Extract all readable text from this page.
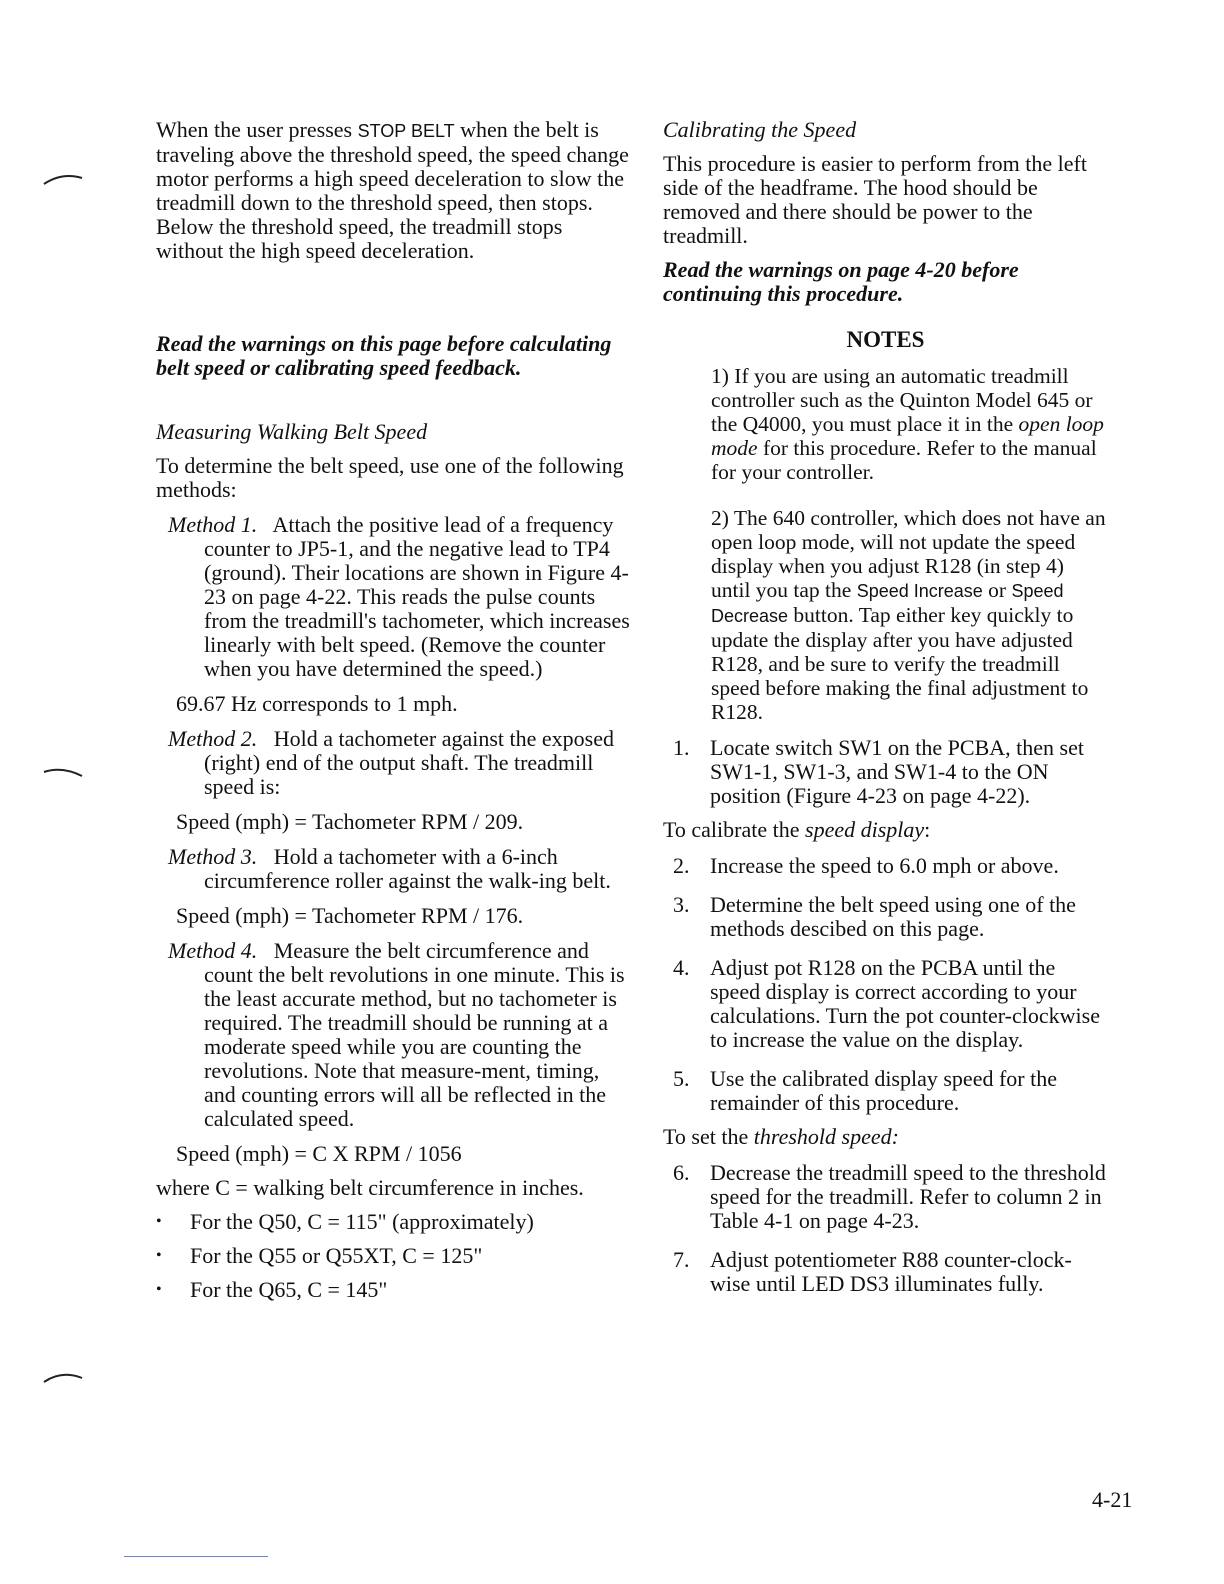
When the user presses STOP BELT when the belt is traveling above the threshold speed, the speed change motor performs a high speed deceleration to slow the treadmill down to the threshold speed, then stops. Below the threshold speed, the treadmill stops without the high speed deceleration.

Read the warnings on this page before calculating belt speed or calibrating speed feedback.

Measuring Walking Belt Speed

To determine the belt speed, use one of the following methods:

Method 1. Attach the positive lead of a frequency counter to JP5-1, and the negative lead to TP4 (ground). Their locations are shown in Figure 4-23 on page 4-22. This reads the pulse counts from the treadmill's tachometer, which increases linearly with belt speed. (Remove the counter when you have determined the speed.)

69.67 Hz corresponds to 1 mph.

Method 2. Hold a tachometer against the exposed (right) end of the output shaft. The treadmill speed is:

Speed (mph) = Tachometer RPM / 209.

Method 3. Hold a tachometer with a 6-inch circumference roller against the walk-ing belt.

Speed (mph) = Tachometer RPM / 176.

Method 4. Measure the belt circumference and count the belt revolutions in one minute. This is the least accurate method, but no tachometer is required. The treadmill should be running at a moderate speed while you are counting the revolutions. Note that measure-ment, timing, and counting errors will all be reflected in the calculated speed.

Speed (mph) = C X RPM / 1056

where C = walking belt circumference in inches.

• For the Q50, C = 115" (approximately)

• For the Q55 or Q55XT, C = 125"

• For the Q65, C = 145"

Calibrating the Speed

This procedure is easier to perform from the left side of the headframe. The hood should be removed and there should be power to the treadmill.

Read the warnings on page 4-20 before continuing this procedure.

NOTES

1) If you are using an automatic treadmill controller such as the Quinton Model 645 or the Q4000, you must place it in the open loop mode for this procedure. Refer to the manual for your controller.

2) The 640 controller, which does not have an open loop mode, will not update the speed display when you adjust R128 (in step 4) until you tap the Speed Increase or Speed Decrease button. Tap either key quickly to update the display after you have adjusted R128, and be sure to verify the treadmill speed before making the final adjustment to R128.

1. Locate switch SW1 on the PCBA, then set SW1-1, SW1-3, and SW1-4 to the ON position (Figure 4-23 on page 4-22).

To calibrate the speed display:

2. Increase the speed to 6.0 mph or above.
3. Determine the belt speed using one of the methods descibed on this page.
4. Adjust pot R128 on the PCBA until the speed display is correct according to your calculations. Turn the pot counter-clockwise to increase the value on the display.
5. Use the calibrated display speed for the remainder of this procedure.

To set the threshold speed:

6. Decrease the treadmill speed to the threshold speed for the treadmill. Refer to column 2 in Table 4-1 on page 4-23.
7. Adjust potentiometer R88 counter-clock-wise until LED DS3 illuminates fully.
4-21
